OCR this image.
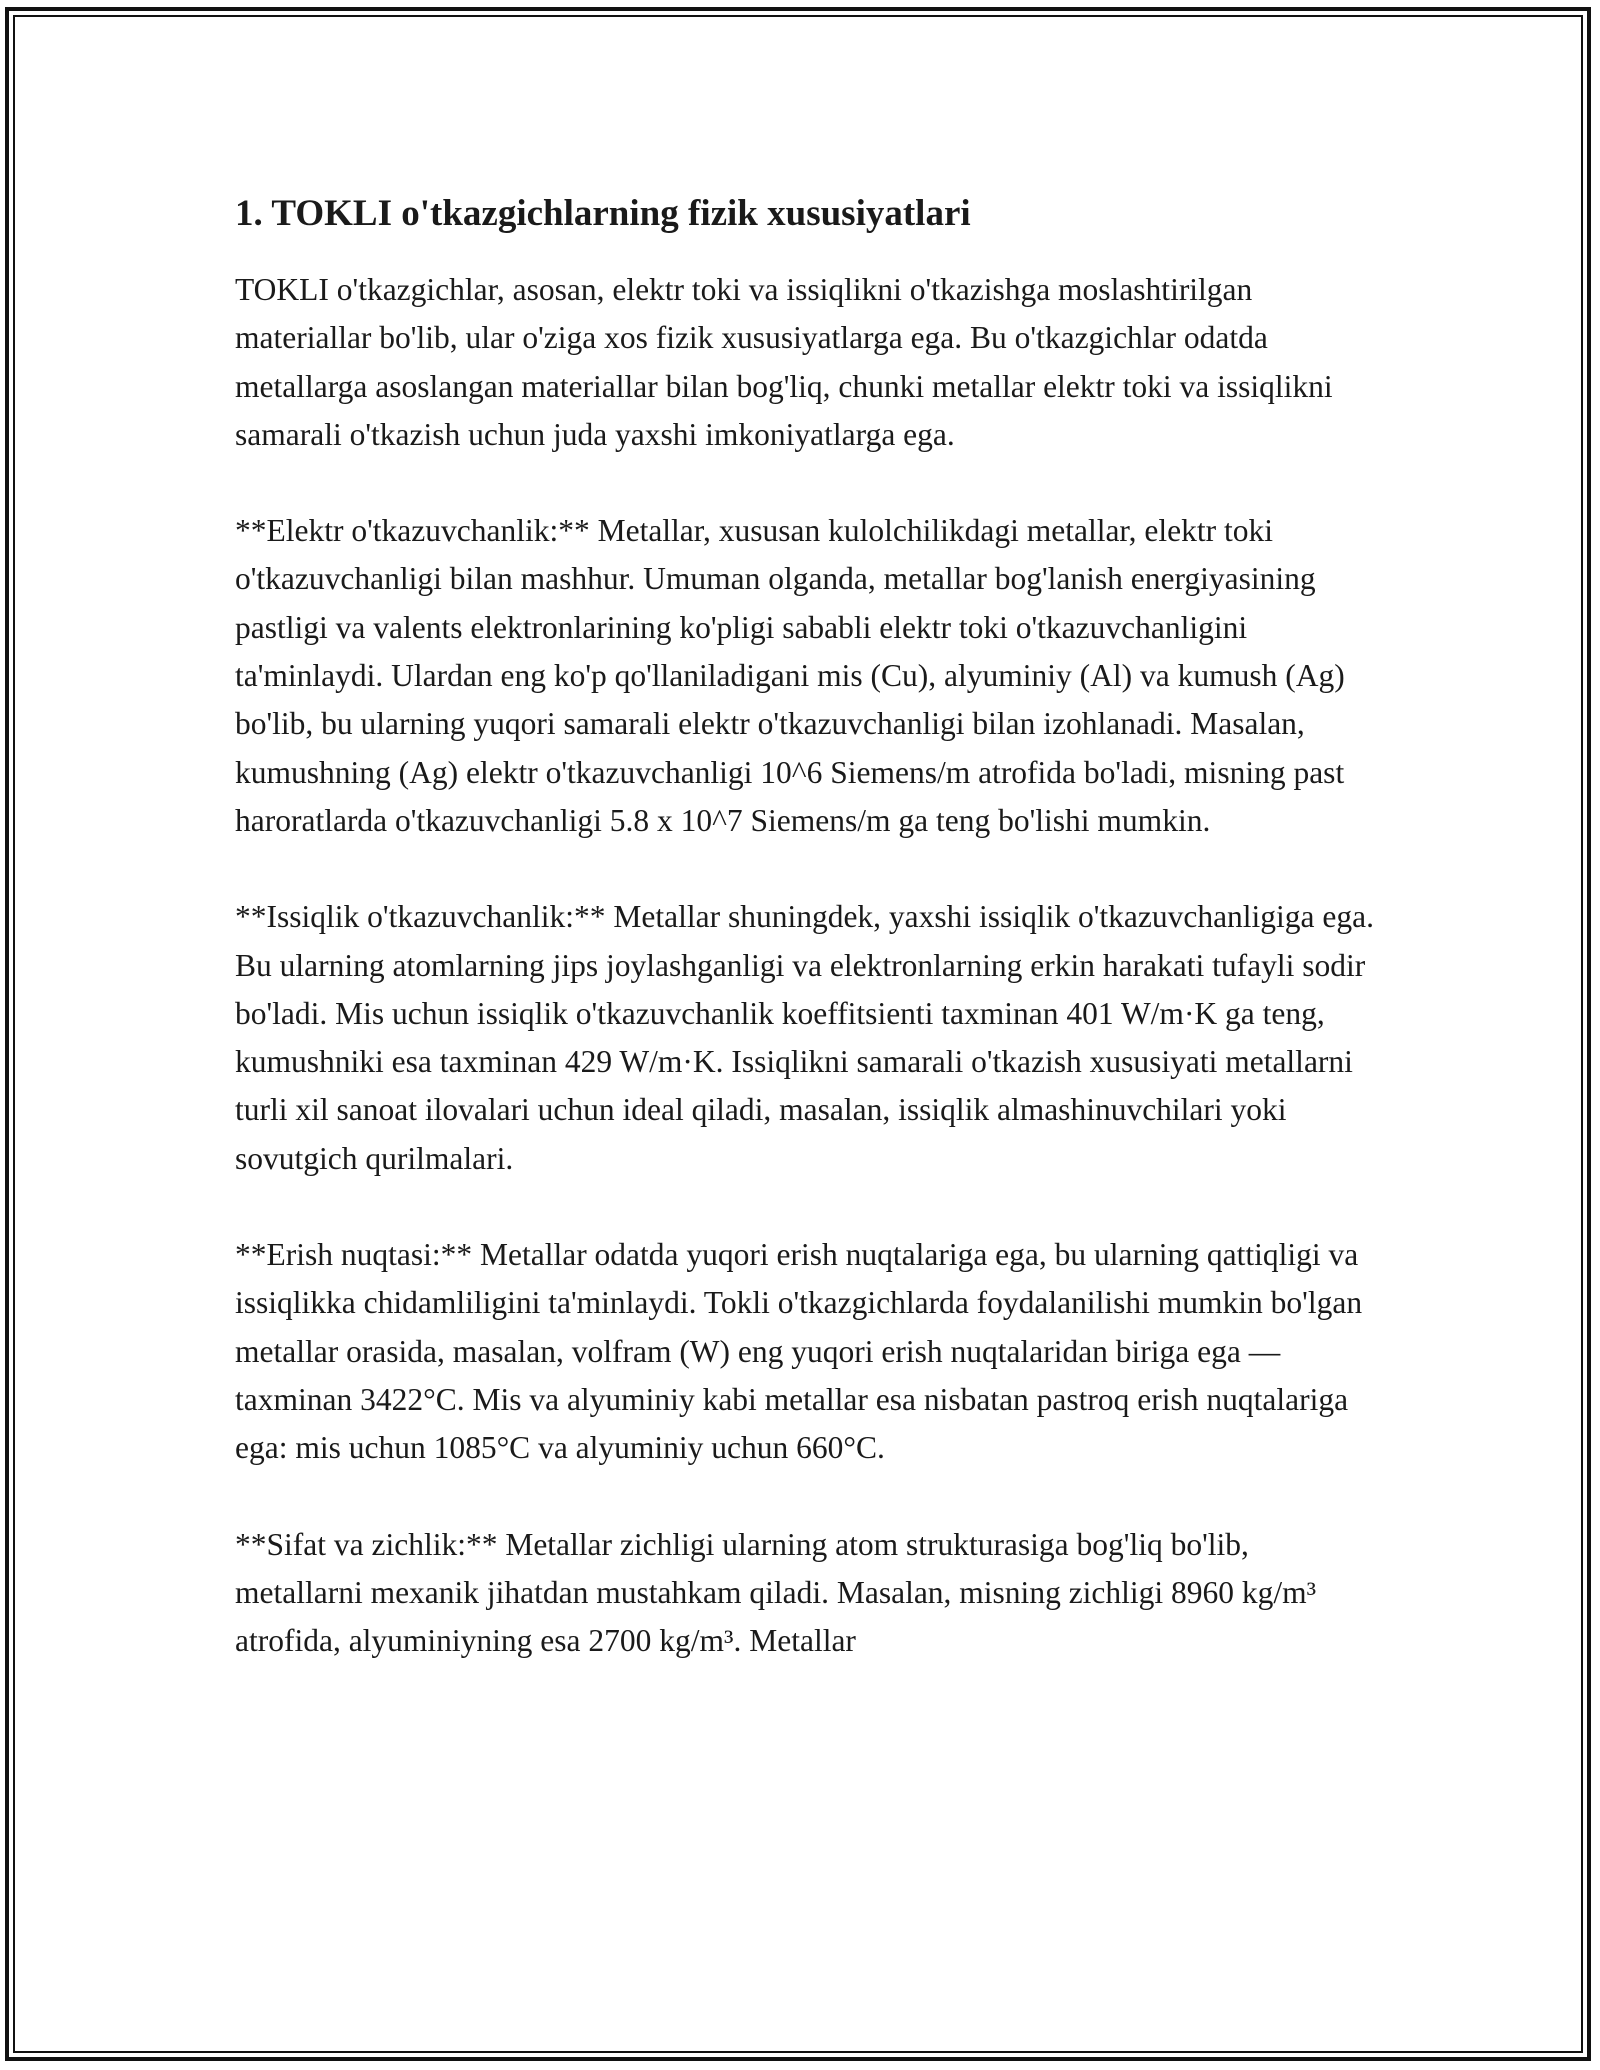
1. TOKLI o'tkazgichlarning fizik xususiyatlari

TOKLI o'tkazgichlar, asosan, elektr toki va issiqlikni o'tkazishga moslashtirilgan materiallar bo'lib, ular o'ziga xos fizik xususiyatlarga ega. Bu o'tkazgichlar odatda metallarga asoslangan materiallar bilan bog'liq, chunki metallar elektr toki va issiqlikni samarali o'tkazish uchun juda yaxshi imkoniyatlarga ega.

**Elektr o'tkazuvchanlik:** Metallar, xususan kulolchilikdagi metallar, elektr toki o'tkazuvchanligi bilan mashhur. Umuman olganda, metallar bog'lanish energiyasining pastligi va valents elektronlarining ko'pligi sababli elektr toki o'tkazuvchanligini ta'minlaydi. Ulardan eng ko'p qo'llaniladigani mis (Cu), alyuminiy (Al) va kumush (Ag) bo'lib, bu ularning yuqori samarali elektr o'tkazuvchanligi bilan izohlanadi. Masalan, kumushning (Ag) elektr o'tkazuvchanligi 10^6 Siemens/m atrofida bo'ladi, misning past haroratlarda o'tkazuvchanligi 5.8 x 10^7 Siemens/m ga teng bo'lishi mumkin.

**Issiqlik o'tkazuvchanlik:** Metallar shuningdek, yaxshi issiqlik o'tkazuvchanligiga ega. Bu ularning atomlarning jips joylashganligi va elektronlarning erkin harakati tufayli sodir bo'ladi. Mis uchun issiqlik o'tkazuvchanlik koeffitsienti taxminan 401 W/m·K ga teng, kumushniki esa taxminan 429 W/m·K. Issiqlikni samarali o'tkazish xususiyati metallarni turli xil sanoat ilovalari uchun ideal qiladi, masalan, issiqlik almashinuvchilari yoki sovutgich qurilmalari.

**Erish nuqtasi:** Metallar odatda yuqori erish nuqtalariga ega, bu ularning qattiqligi va issiqlikka chidamliligini ta'minlaydi. Tokli o'tkazgichlarda foydalanilishi mumkin bo'lgan metallar orasida, masalan, volfram (W) eng yuqori erish nuqtalaridan biriga ega — taxminan 3422°C. Mis va alyuminiy kabi metallar esa nisbatan pastroq erish nuqtalariga ega: mis uchun 1085°C va alyuminiy uchun 660°C.

**Sifat va zichlik:** Metallar zichligi ularning atom strukturasiga bog'liq bo'lib, metallarni mexanik jihatdan mustahkam qiladi. Masalan, misning zichligi 8960 kg/m³ atrofida, alyuminiyning esa 2700 kg/m³. Metallar
